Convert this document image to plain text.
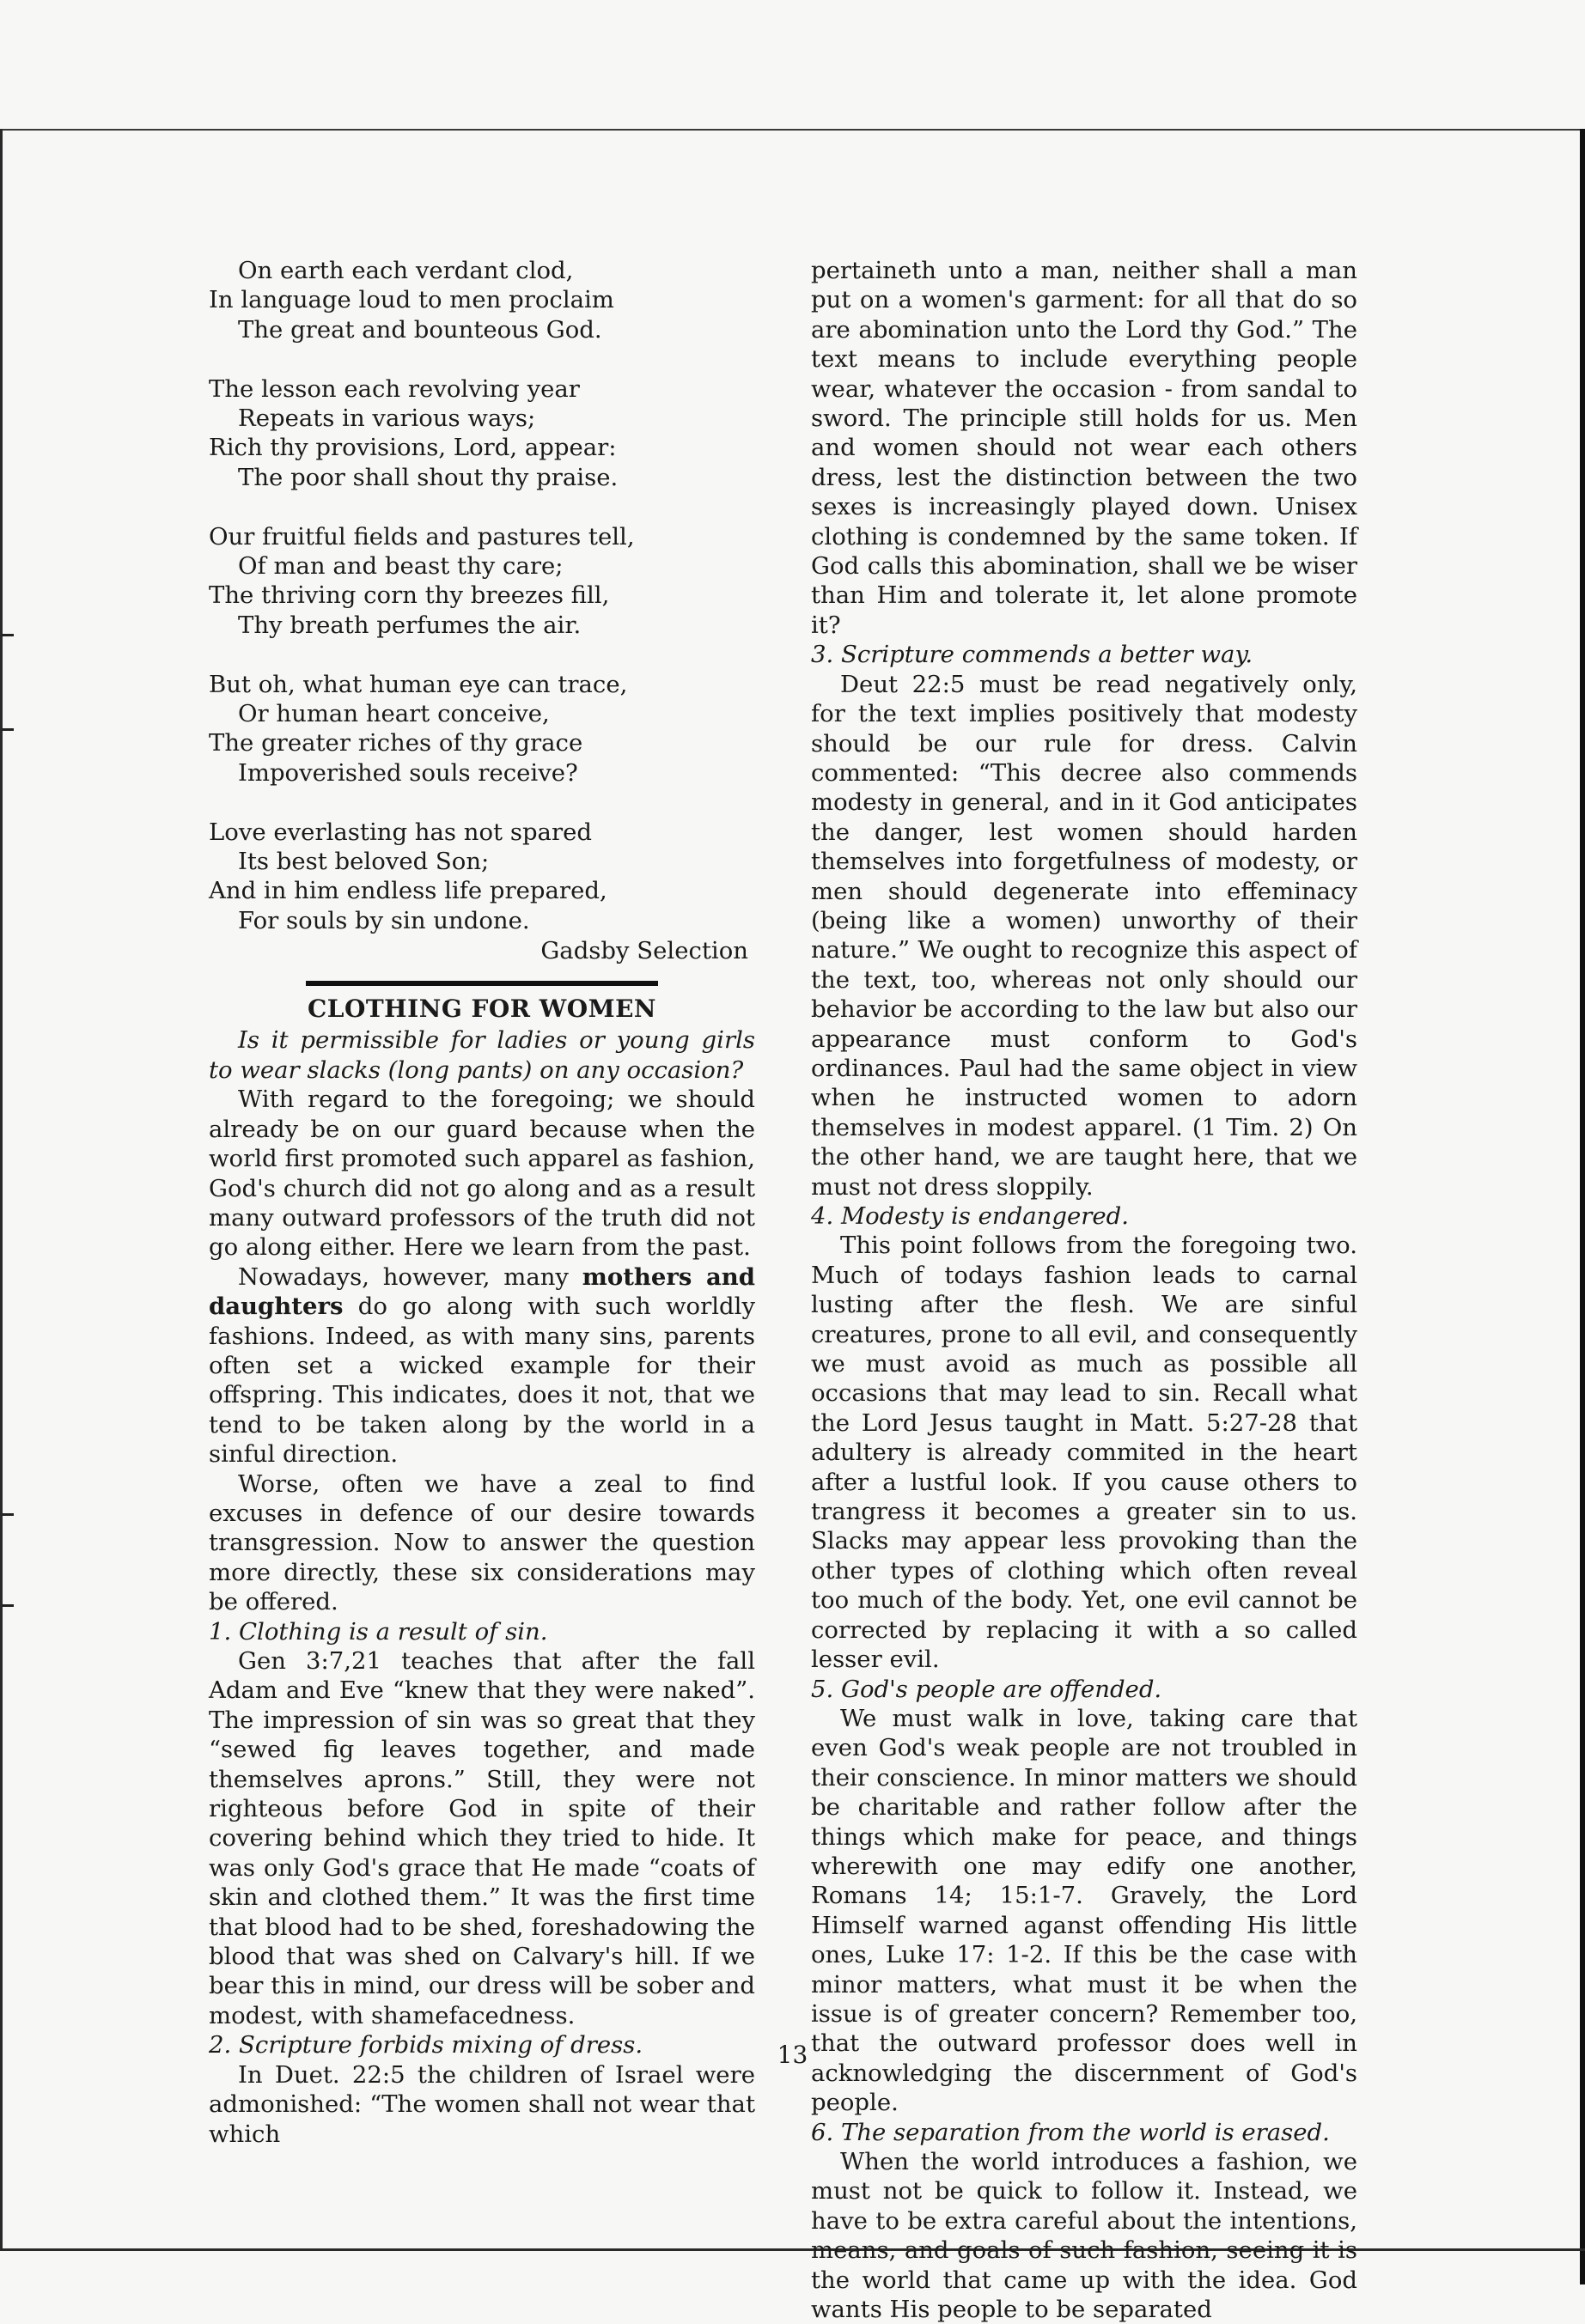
On earth each verdant clod,
In language loud to men proclaim
The great and bounteous God.
The lesson each revolving year
Repeats in various ways;
Rich thy provisions, Lord, appear:
The poor shall shout thy praise.
Our fruitful fields and pastures tell,
Of man and beast thy care;
The thriving corn thy breezes fill,
Thy breath perfumes the air.
But oh, what human eye can trace,
Or human heart conceive,
The greater riches of thy grace
Impoverished souls receive?
Love everlasting has not spared
Its best beloved Son;
And in him endless life prepared,
For souls by sin undone.
Gadsby Selection
CLOTHING FOR WOMEN

Is it permissible for ladies or young girls to wear slacks (long pants) on any occasion?

With regard to the foregoing; we should already be on our guard because when the world first promoted such apparel as fashion, God's church did not go along and as a result many outward professors of the truth did not go along either. Here we learn from the past.

Nowadays, however, many mothers and daughters do go along with such worldly fashions. Indeed, as with many sins, parents often set a wicked example for their offspring. This indicates, does it not, that we tend to be taken along by the world in a sinful direction.

Worse, often we have a zeal to find excuses in defence of our desire towards transgression. Now to answer the question more directly, these six considerations may be offered.

1. Clothing is a result of sin.

Gen 3:7,21 teaches that after the fall Adam and Eve “knew that they were naked”. The impression of sin was so great that they “sewed fig leaves together, and made themselves aprons.” Still, they were not righteous before God in spite of their covering behind which they tried to hide. It was only God's grace that He made “coats of skin and clothed them.” It was the first time that blood had to be shed, foreshadowing the blood that was shed on Calvary's hill. If we bear this in mind, our dress will be sober and modest, with shamefacedness.

2. Scripture forbids mixing of dress.

In Duet. 22:5 the children of Israel were admonished: “The women shall not wear that which

pertaineth unto a man, neither shall a man put on a women's garment: for all that do so are abomination unto the Lord thy God.” The text means to include everything people wear, whatever the occasion - from sandal to sword. The principle still holds for us. Men and women should not wear each others dress, lest the distinction between the two sexes is increasingly played down. Unisex clothing is condemned by the same token. If God calls this abomination, shall we be wiser than Him and tolerate it, let alone promote it?

3. Scripture commends a better way.

Deut 22:5 must be read negatively only, for the text implies positively that modesty should be our rule for dress. Calvin commented: “This decree also commends modesty in general, and in it God anticipates the danger, lest women should harden themselves into forgetfulness of modesty, or men should degenerate into effeminacy (being like a women) unworthy of their nature.” We ought to recognize this aspect of the text, too, whereas not only should our behavior be according to the law but also our appearance must conform to God's ordinances. Paul had the same object in view when he instructed women to adorn themselves in modest apparel. (1 Tim. 2) On the other hand, we are taught here, that we must not dress sloppily.

4. Modesty is endangered.

This point follows from the foregoing two. Much of todays fashion leads to carnal lusting after the flesh. We are sinful creatures, prone to all evil, and consequently we must avoid as much as possible all occasions that may lead to sin. Recall what the Lord Jesus taught in Matt. 5:27-28 that adultery is already commited in the heart after a lustful look. If you cause others to trangress it becomes a greater sin to us. Slacks may appear less provoking than the other types of clothing which often reveal too much of the body. Yet, one evil cannot be corrected by replacing it with a so called lesser evil.

5. God's people are offended.

We must walk in love, taking care that even God's weak people are not troubled in their conscience. In minor matters we should be charitable and rather follow after the things which make for peace, and things wherewith one may edify one another, Romans 14; 15:1-7. Gravely, the Lord Himself warned aganst offending His little ones, Luke 17: 1-2. If this be the case with minor matters, what must it be when the issue is of greater concern? Remember too, that the outward professor does well in acknowledging the discernment of God's people.

6. The separation from the world is erased.

When the world introduces a fashion, we must not be quick to follow it. Instead, we have to be extra careful about the intentions, means, and goals of such fashion, seeing it is the world that came up with the idea. God wants His people to be separated

13
